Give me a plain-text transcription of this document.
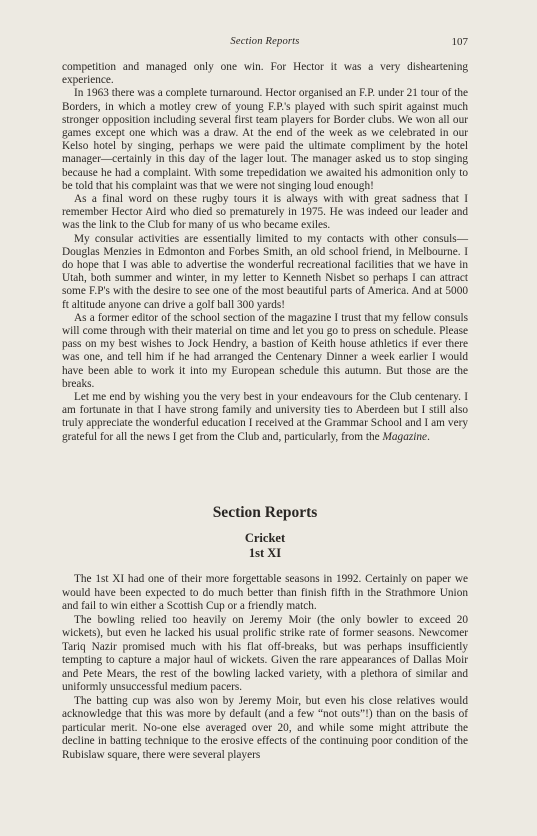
Section Reports	107

competition and managed only one win. For Hector it was a very disheartening experience.

In 1963 there was a complete turnaround. Hector organised an F.P. under 21 tour of the Borders, in which a motley crew of young F.P.'s played with such spirit against much stronger opposition including several first team players for Border clubs. We won all our games except one which was a draw. At the end of the week as we celebrated in our Kelso hotel by singing, perhaps we were paid the ultimate compliment by the hotel manager—certainly in this day of the lager lout. The manager asked us to stop singing because he had a complaint. With some trepedidation we awaited his admonition only to be told that his complaint was that we were not singing loud enough!

As a final word on these rugby tours it is always with with great sadness that I remember Hector Aird who died so prematurely in 1975. He was indeed our leader and was the link to the Club for many of us who became exiles.

My consular activities are essentially limited to my contacts with other consuls—Douglas Menzies in Edmonton and Forbes Smith, an old school friend, in Melbourne. I do hope that I was able to advertise the wonderful recreational facilities that we have in Utah, both summer and winter, in my letter to Kenneth Nisbet so perhaps I can attract some F.P's with the desire to see one of the most beautiful parts of America. And at 5000 ft altitude anyone can drive a golf ball 300 yards!

As a former editor of the school section of the magazine I trust that my fellow consuls will come through with their material on time and let you go to press on schedule. Please pass on my best wishes to Jock Hendry, a bastion of Keith house athletics if ever there was one, and tell him if he had arranged the Centenary Dinner a week earlier I would have been able to work it into my European schedule this autumn. But those are the breaks.

Let me end by wishing you the very best in your endeavours for the Club centenary. I am fortunate in that I have strong family and university ties to Aberdeen but I still also truly appreciate the wonderful education I received at the Grammar School and I am very grateful for all the news I get from the Club and, particularly, from the Magazine.

Section Reports
Cricket
1st XI

The 1st XI had one of their more forgettable seasons in 1992. Certainly on paper we would have been expected to do much better than finish fifth in the Strathmore Union and fail to win either a Scottish Cup or a friendly match.

The bowling relied too heavily on Jeremy Moir (the only bowler to exceed 20 wickets), but even he lacked his usual prolific strike rate of former seasons. Newcomer Tariq Nazir promised much with his flat off-breaks, but was perhaps insufficiently tempting to capture a major haul of wickets. Given the rare appearances of Dallas Moir and Pete Mears, the rest of the bowling lacked variety, with a plethora of similar and uniformly unsuccessful medium pacers.

The batting cup was also won by Jeremy Moir, but even his close relatives would acknowledge that this was more by default (and a few “not outs”!) than on the basis of particular merit. No-one else averaged over 20, and while some might attribute the decline in batting technique to the erosive effects of the continuing poor condition of the Rubislaw square, there were several players
